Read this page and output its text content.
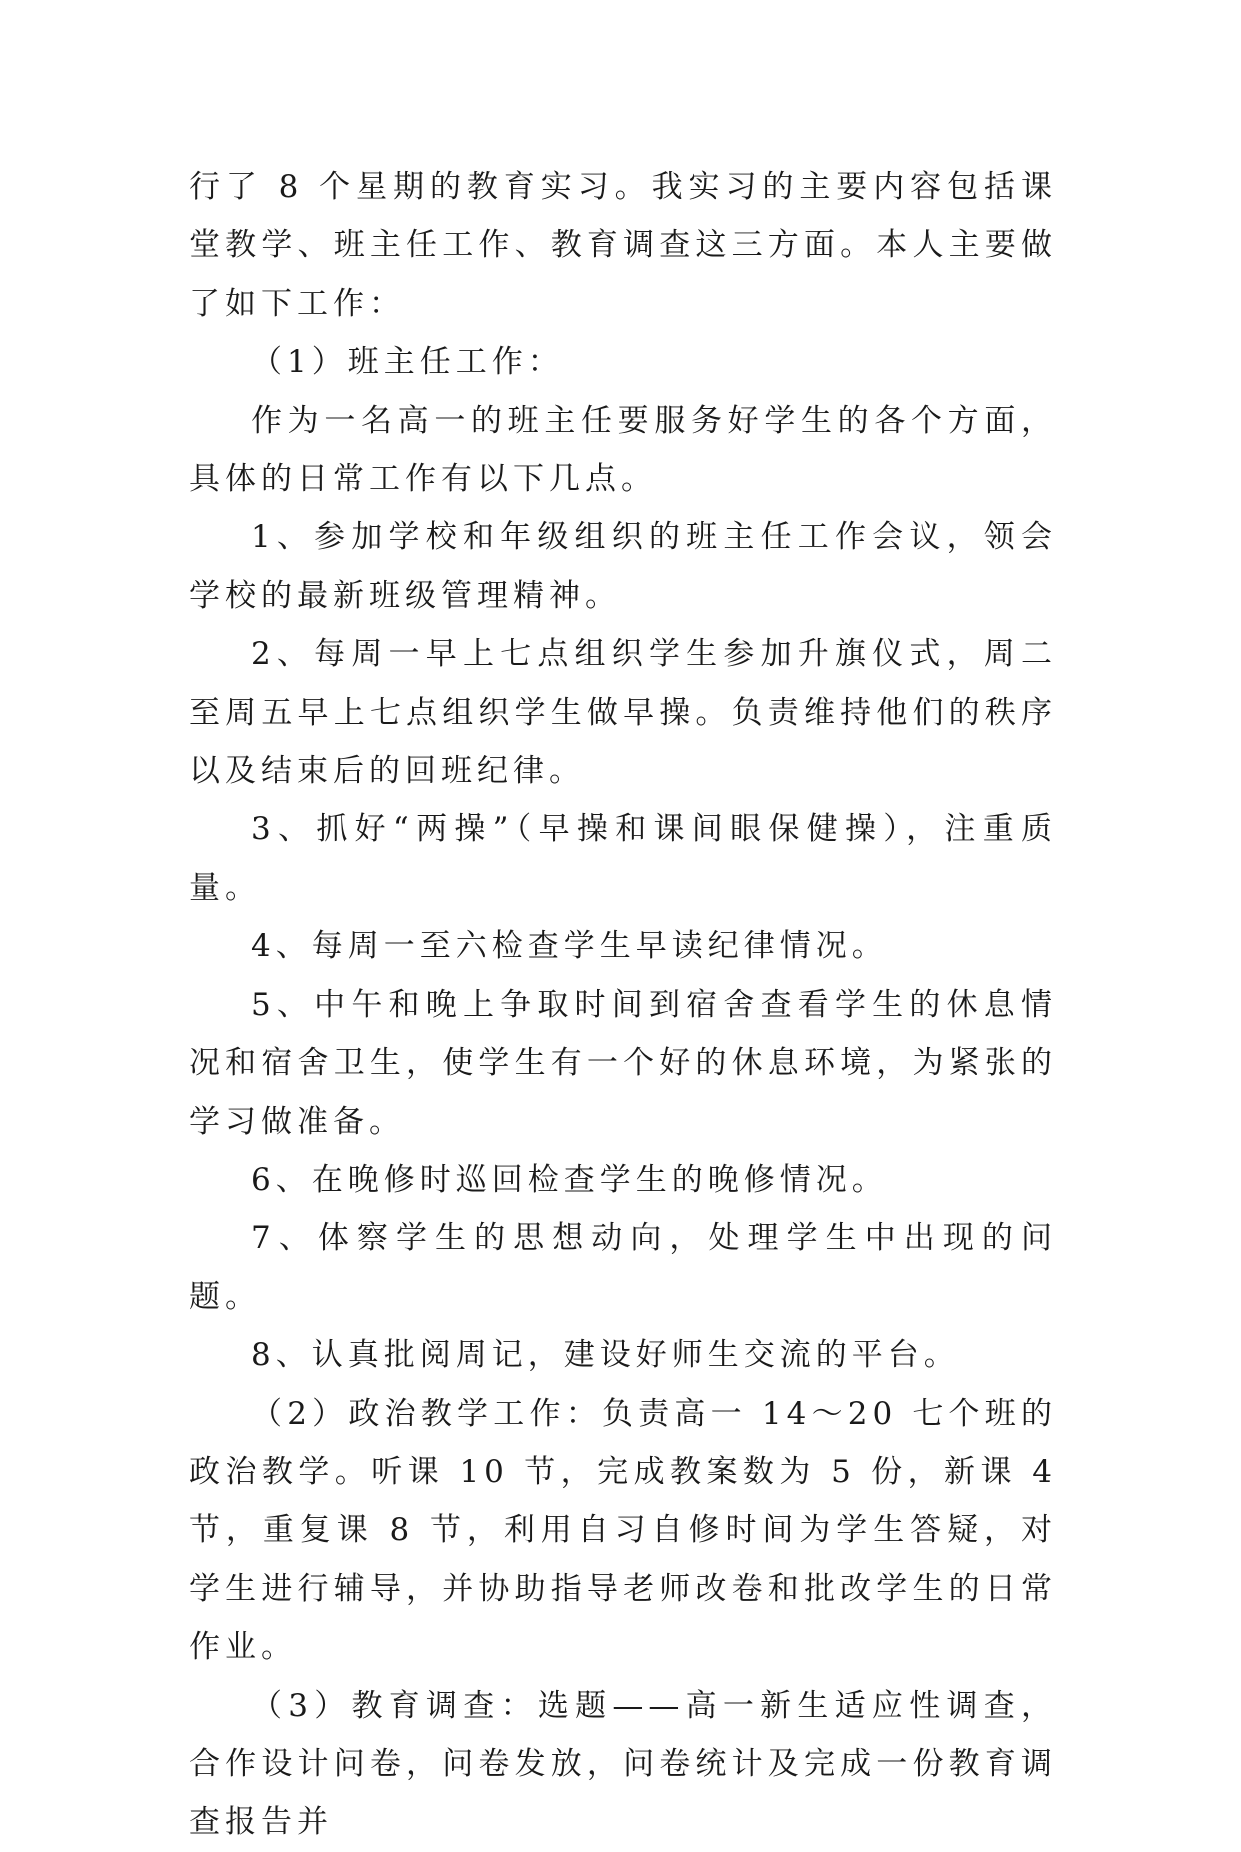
行了 8 个星期的教育实习。我实习的主要内容包括课堂教学、班主任工作、教育调查这三方面。本人主要做了如下工作：

（1）班主任工作：

作为一名高一的班主任要服务好学生的各个方面，具体的日常工作有以下几点。

1、参加学校和年级组织的班主任工作会议，领会学校的最新班级管理精神。

2、每周一早上七点组织学生参加升旗仪式，周二至周五早上七点组织学生做早操。负责维持他们的秩序以及结束后的回班纪律。

3、抓好“两操”（早操和课间眼保健操），注重质量。

4、每周一至六检查学生早读纪律情况。

5、中午和晚上争取时间到宿舍查看学生的休息情况和宿舍卫生，使学生有一个好的休息环境，为紧张的学习做准备。

6、在晚修时巡回检查学生的晚修情况。

7、体察学生的思想动向，处理学生中出现的问题。

8、认真批阅周记，建设好师生交流的平台。

（2）政治教学工作：负责高一 14～20 七个班的政治教学。听课 10 节，完成教案数为 5 份，新课 4 节，重复课 8 节，利用自习自修时间为学生答疑，对学生进行辅导，并协助指导老师改卷和批改学生的日常作业。

（3）教育调查：选题——高一新生适应性调查，合作设计问卷，问卷发放，问卷统计及完成一份教育调查报告并
